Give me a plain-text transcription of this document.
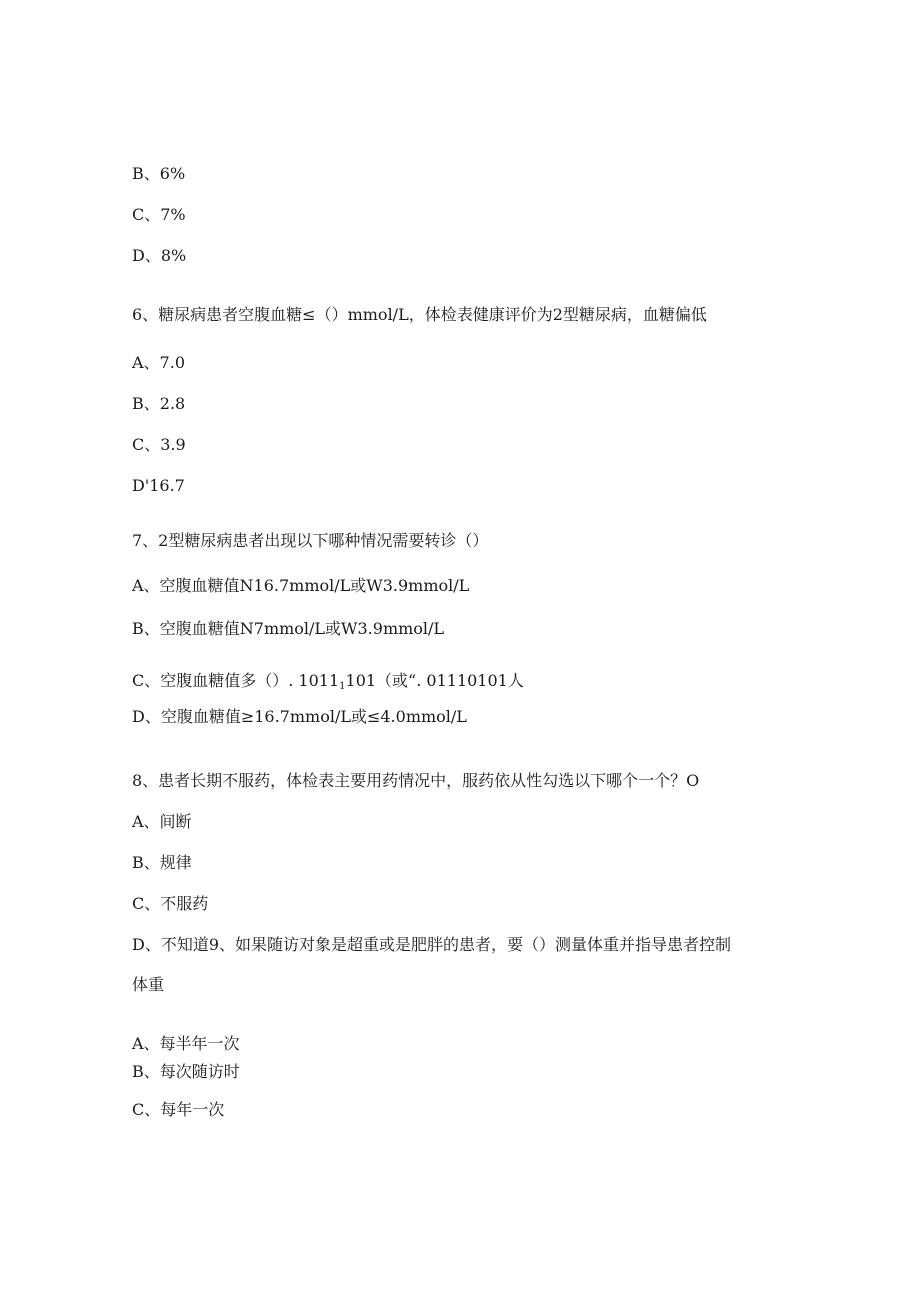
B、6%
C、7%
D、8%
6、糖尿病患者空腹血糖≤（）mmol/L，体检表健康评价为2型糖尿病，血糖偏低
A、7.0
B、2.8
C、3.9
D'16.7
7、2型糖尿病患者出现以下哪种情况需要转诊（）
A、空腹血糖值N16.7mmol/L或W3.9mmol/L
B、空腹血糖值N7mmol/L或W3.9mmol/L
C、空腹血糖值多（）. $1011_1101$（或“. 01110101人
D、空腹血糖值≥16.7mmol/L或≤4.0mmol/L
8、患者长期不服药，体检表主要用药情况中，服药依从性勾选以下哪个一个？O
A、间断
B、规律
C、不服药
D、不知道9、如果随访对象是超重或是肥胖的患者，要（）测量体重并指导患者控制
体重
A、每半年一次
B、每次随访时
C、每年一次
